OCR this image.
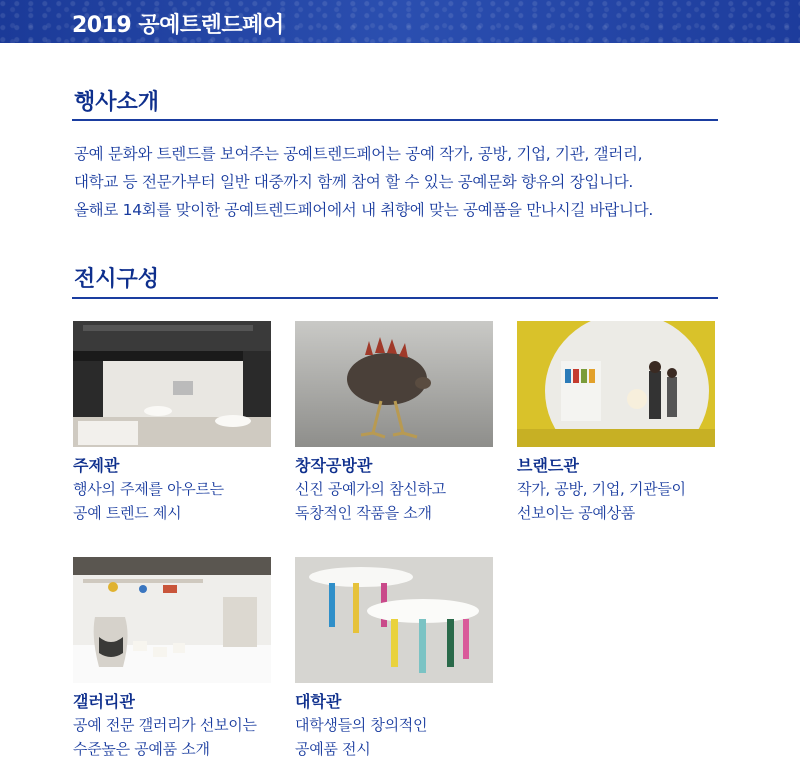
2019 공예트렌드페어
행사소개
공예 문화와 트렌드를 보여주는 공예트렌드페어는 공예 작가, 공방, 기업, 기관, 갤러리,
대학교 등 전문가부터 일반 대중까지 함께 참여 할 수 있는 공예문화 향유의 장입니다.
올해로 14회를 맞이한 공예트렌드페어에서 내 취향에 맞는 공예품을 만나시길 바랍니다.
전시구성
주제관
행사의 주제를 아우르는
공예 트렌드 제시
창작공방관
신진 공예가의 참신하고
독창적인 작품을 소개
브랜드관
작가, 공방, 기업, 기관들이
선보이는 공예상품
갤러리관
공예 전문 갤러리가 선보이는
수준높은 공예품 소개
대학관
대학생들의 창의적인
공예품 전시
